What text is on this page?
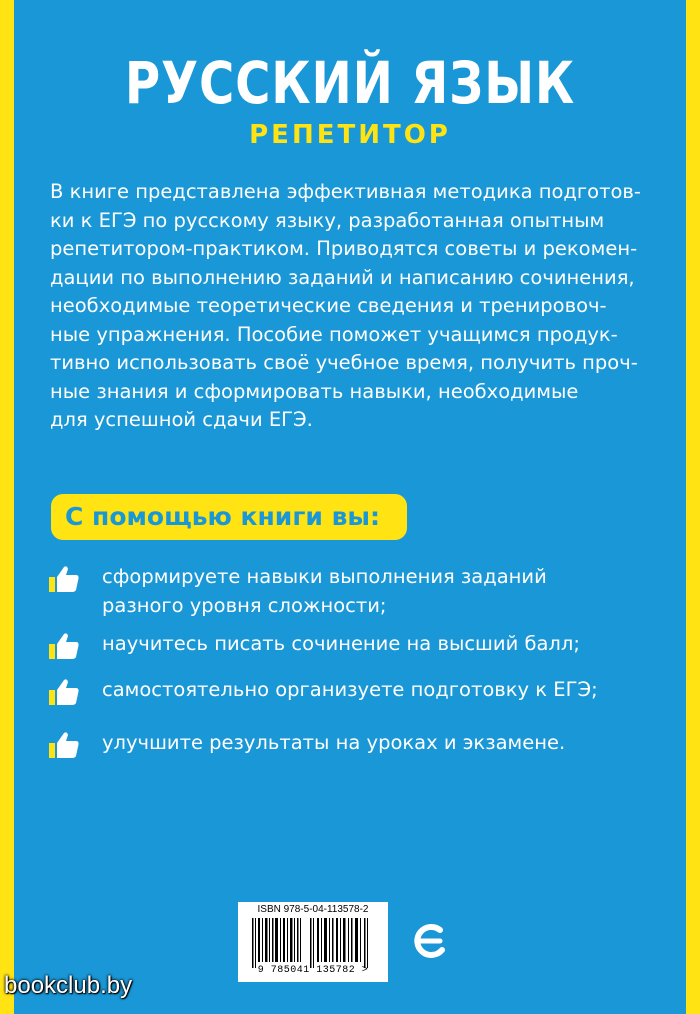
РУССКИЙ ЯЗЫК
РЕПЕТИТОР
В книге представлена эффективная методика подготов-
ки к ЕГЭ по русскому языку, разработанная опытным
репетитором-практиком. Приводятся советы и рекомен-
дации по выполнению заданий и написанию сочинения,
необходимые теоретические сведения и тренировоч-
ные упражнения. Пособие поможет учащимся продук-
тивно использовать своё учебное время, получить проч-
ные знания и сформировать навыки, необходимые
для успешной сдачи ЕГЭ.
С помощью книги вы:
сформируете навыки выполнения заданий
разного уровня сложности;
научитесь писать сочинение на высший балл;
самостоятельно организуете подготовку к ЕГЭ;
улучшите результаты на уроках и экзамене.
ISBN 978-5-04-113578-2
9 785041 135782 >
bookclub.by
